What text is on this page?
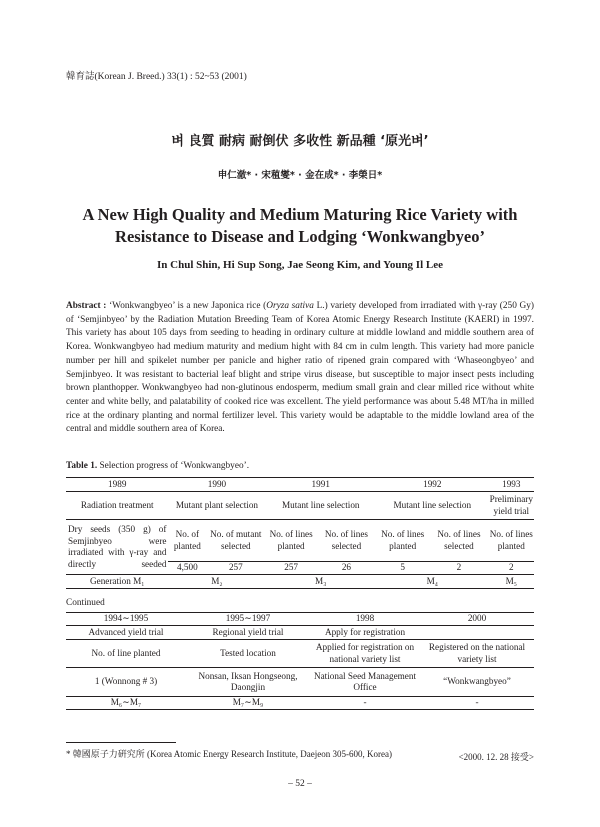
韓育誌(Korean J. Breed.) 33(1) : 52~53 (2001)
벼 良質 耐病 耐倒伏 多收性 新品種 ‘原光벼’
申仁澈* · 宋稙燮* · 金在成* · 李榮日*
A New High Quality and Medium Maturing Rice Variety with
Resistance to Disease and Lodging ‘Wonkwangbyeo’
In Chul Shin, Hi Sup Song, Jae Seong Kim, and Young Il Lee

Abstract : ‘Wonkwangbyeo’ is a new Japonica rice (Oryza sativa L.) variety developed from irradiated with γ-ray (250 Gy) of ‘Semjinbyeo’ by the Radiation Mutation Breeding Team of Korea Atomic Energy Research Institute (KAERI) in 1997. This variety has about 105 days from seeding to heading in ordinary culture at middle lowland and middle southern area of Korea. Wonkwangbyeo had medium maturity and medium hight with 84 cm in culm length. This variety had more panicle number per hill and spikelet number per panicle and higher ratio of ripened grain compared with ‘Whaseongbyeo’ and Semjinbyeo. It was resistant to bacterial leaf blight and stripe virus disease, but susceptible to major insect pests including brown planthopper. Wonkwangbyeo had non-glutinous endosperm, medium small grain and clear milled rice without white center and white belly, and palatability of cooked rice was excellent. The yield performance was about 5.48 MT/ha in milled rice at the ordinary planting and normal fertilizer level. This variety would be adaptable to the middle lowland area of the central and middle southern area of Korea.

Table 1. Selection progress of ‘Wonkwangbyeo’.
1989	1990		1991		1992		1993
Radiation treatment	Mutant plant selection		Mutant line selection		Mutant line selection		Preliminary yield trial
Dry seeds (350 g) of Semjinbyeo were irradiated with γ-ray and directly seeded	No. of planted	No. of mutant selected	No. of lines planted	No. of lines selected	No. of lines planted	No. of lines selected	No. of lines planted
	4,500	257	257	26	5	2	2
Generation M₁	M₂		M₃		M₄		M₅
Continued
1994∼1995	1995∼1997	1998	2000
Advanced yield trial	Regional yield trial	Apply for registration	
No. of line planted	Tested location	Applied for registration on national variety list	Registered on the national variety list
1 (Wonnong # 3)	Nonsan, Iksan Hongseong, Daongjin	National Seed Management Office	“Wonkwangbyeo”
M₆∼M₇	M₇∼M₉	-	-
* 韓國原子力硏究所 (Korea Atomic Energy Research Institute, Daejeon 305-600, Korea)	<2000. 12. 28 接受>
– 52 –
